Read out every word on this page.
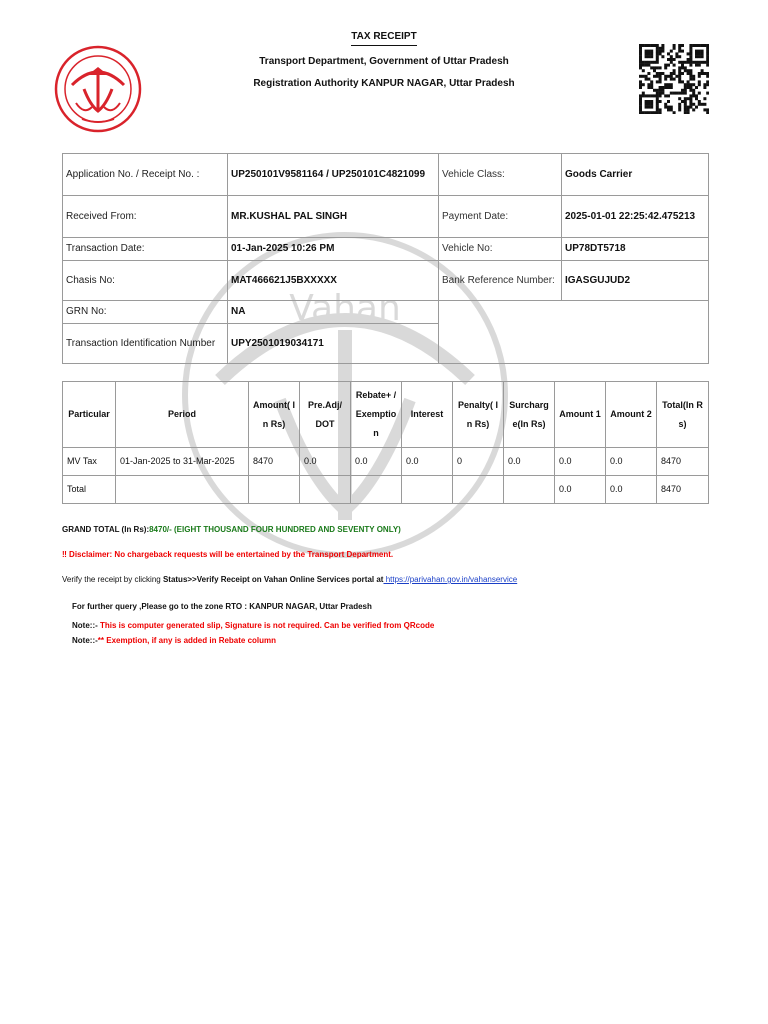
Vahan
TAX RECEIPT
Transport Department, Government of Uttar Pradesh
Registration Authority KANPUR NAGAR, Uttar Pradesh
Application No. / Receipt No. :	UP250101V9581164 / UP250101C4821099	Vehicle Class:	Goods Carrier
Received From:	MR.KUSHAL PAL SINGH	Payment Date:	2025-01-01 22:25:42.475213
Transaction Date:	01-Jan-2025 10:26 PM	Vehicle No:	UP78DT5718
Chasis No:	MAT466621J5BXXXXX	Bank Reference Number:	IGASGUJUD2
GRN No:	NA		
Transaction Identification Number	UPY2501019034171		
Particular	Period	Amount( In Rs)	Pre.Adj/ DOT	Rebate+ /Exemption	Interest	Penalty( In Rs)	Surcharge(In Rs)	Amount 1	Amount 2	Total(In Rs)
MV Tax	01-Jan-2025 to 31-Mar-2025	8470	0.0	0.0	0.0	0	0.0	0.0	0.0	8470
Total								0.0	0.0	8470
GRAND TOTAL (In Rs):8470/- (EIGHT THOUSAND FOUR HUNDRED AND SEVENTY ONLY)
‼ Disclaimer: No chargeback requests will be entertained by the Transport Department.
Verify the receipt by clicking Status>>Verify Receipt on Vahan Online Services portal at https://parivahan.gov.in/vahanservice
For further query ,Please go to the zone RTO : KANPUR NAGAR, Uttar Pradesh
Note::- This is computer generated slip, Signature is not required. Can be verified from QRcode
Note::-** Exemption, if any is added in Rebate column
